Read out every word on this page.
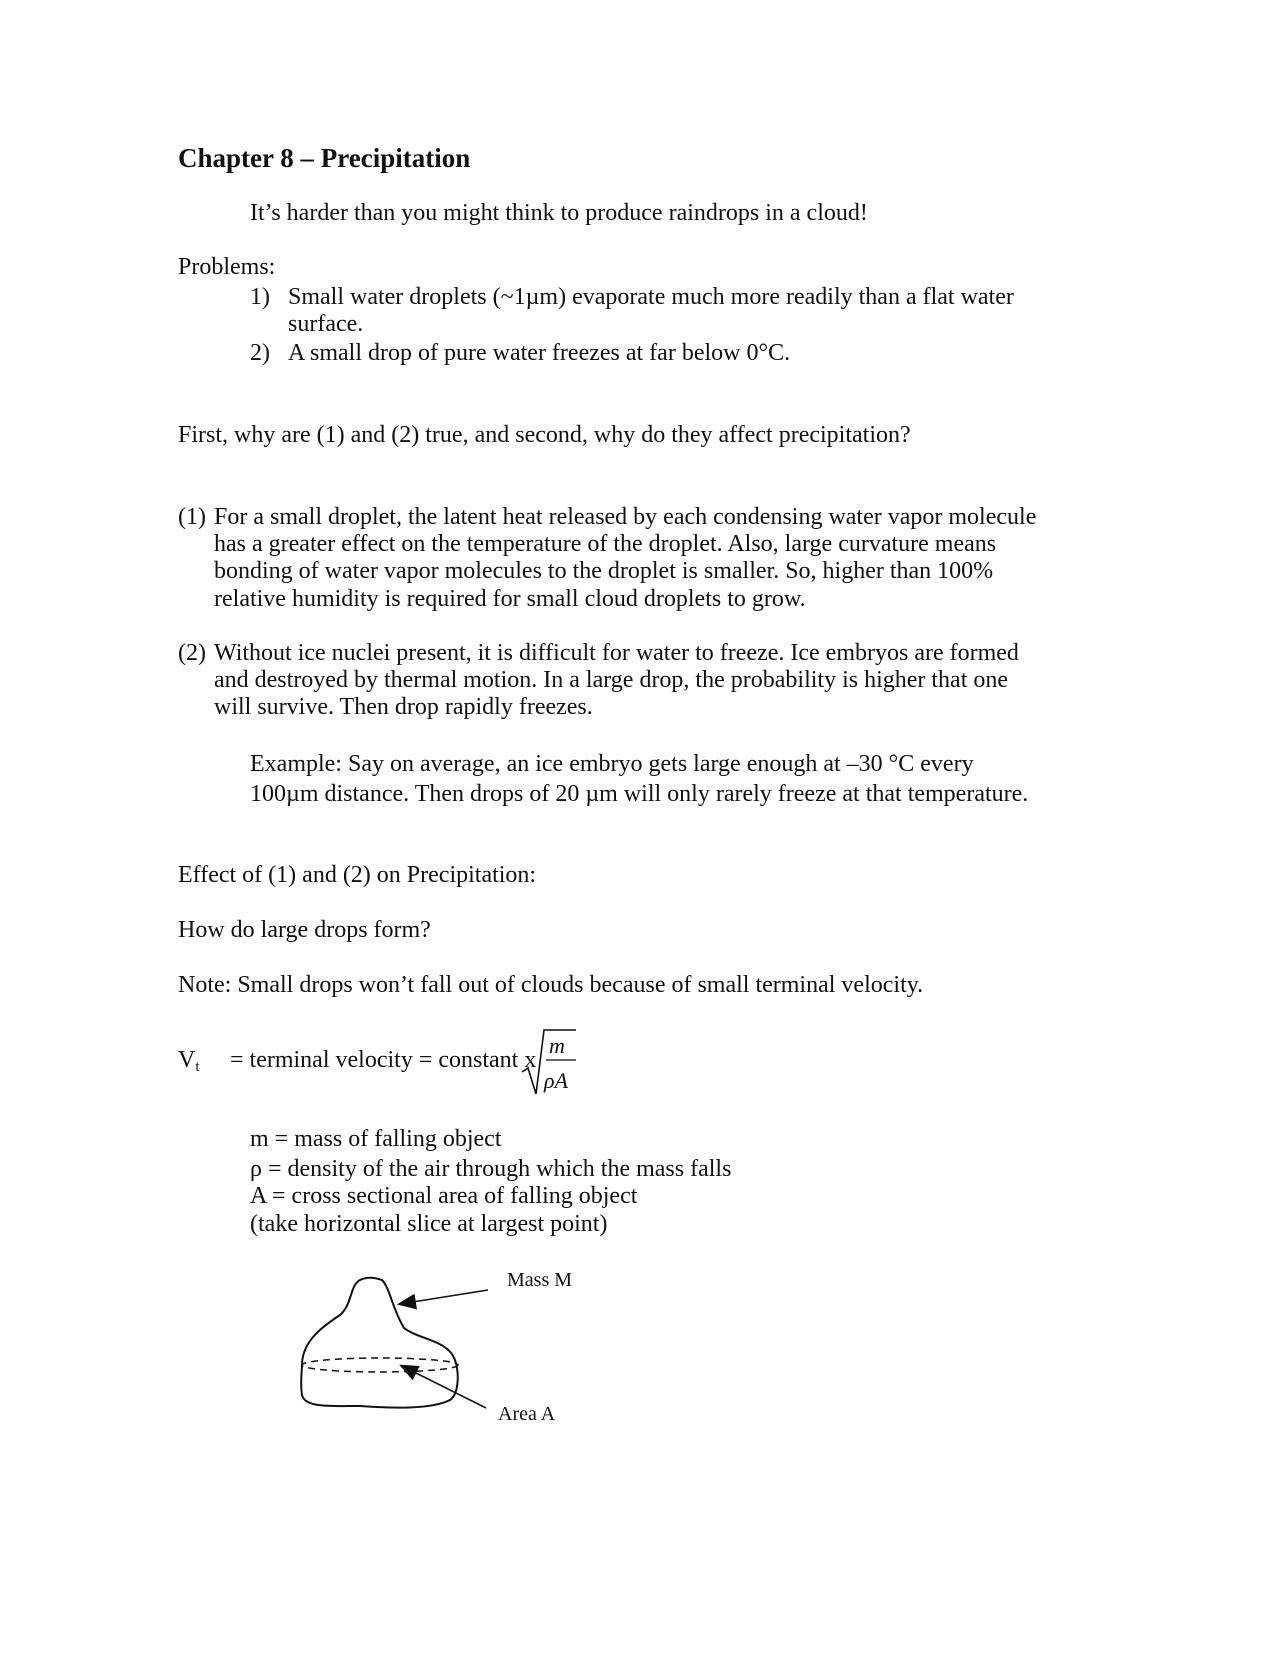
Chapter 8 – Precipitation
It’s harder than you might think to produce raindrops in a cloud!
Problems:
1) Small water droplets (~1µm) evaporate much more readily than a flat water
surface.
2) A small drop of pure water freezes at far below 0°C.
First, why are (1) and (2) true, and second, why do they affect precipitation?
(1) For a small droplet, the latent heat released by each condensing water vapor molecule
has a greater effect on the temperature of the droplet. Also, large curvature means
bonding of water vapor molecules to the droplet is smaller. So, higher than 100%
relative humidity is required for small cloud droplets to grow.
(2) Without ice nuclei present, it is difficult for water to freeze. Ice embryos are formed
and destroyed by thermal motion. In a large drop, the probability is higher that one
will survive. Then drop rapidly freezes.
Example: Say on average, an ice embryo gets large enough at –30 °C every
100µm distance. Then drops of 20 µm will only rarely freeze at that temperature.
Effect of (1) and (2) on Precipitation:
How do large drops form?
Note: Small drops won’t fall out of clouds because of small terminal velocity.
$V_t$ = terminal velocity = constant x
m
ρA
m = mass of falling object
ρ = density of the air through which the mass falls
A = cross sectional area of falling object
(take horizontal slice at largest point)
Mass M
Area A
